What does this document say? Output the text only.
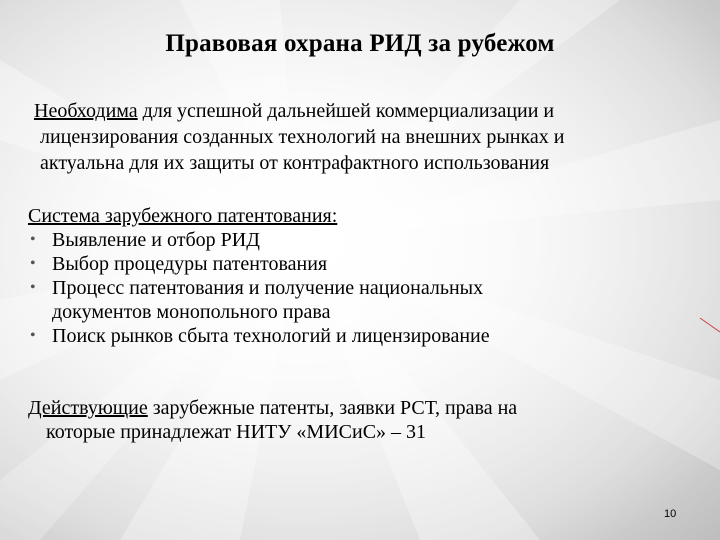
Правовая охрана РИД за рубежом
Необходима для успешной дальнейшей коммерциализации и
лицензирования созданных технологий на внешних рынках и
актуальна для их защиты от контрафактного использования
Система зарубежного патентования:
• Выявление и отбор РИД
• Выбор процедуры патентования
• Процесс патентования и получение национальных
документов монопольного права
• Поиск рынков сбыта технологий и лицензирование
Действующие зарубежные патенты, заявки РСТ, права на
которые принадлежат НИТУ «МИСиС» – 31
10
